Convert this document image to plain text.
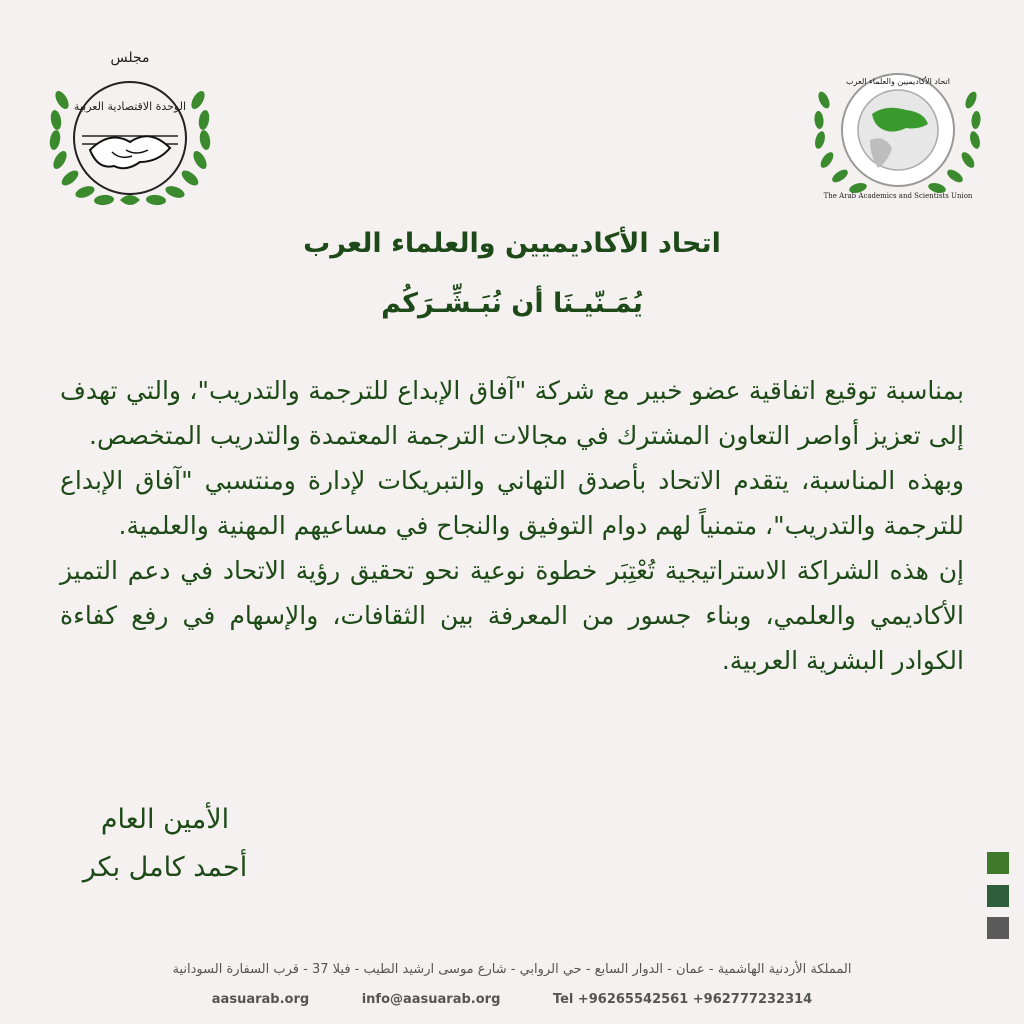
مجلس
الوحدة الاقتصادية العربية
اتحاد الأكاديميين والعلماء العرب
The Arab Academics and Scientists Union
اتحاد الأكاديميين والعلماء العرب
يُمَـنّيـنَا أن نُبَـشِّـرَكُم

بمناسبة توقيع اتفاقية عضو خبير مع شركة "آفاق الإبداع للترجمة والتدريب"، والتي تهدف إلى تعزيز أواصر التعاون المشترك في مجالات الترجمة المعتمدة والتدريب المتخصص.

وبهذه المناسبة، يتقدم الاتحاد بأصدق التهاني والتبريكات لإدارة ومنتسبي "آفاق الإبداع للترجمة والتدريب"، متمنياً لهم دوام التوفيق والنجاح في مساعيهم المهنية والعلمية.

إن هذه الشراكة الاستراتيجية تُعْتِبَر خطوة نوعية نحو تحقيق رؤية الاتحاد في دعم التميز الأكاديمي والعلمي، وبناء جسور من المعرفة بين الثقافات، والإسهام في رفع كفاءة الكوادر البشرية العربية.

الأمين العام
أحمد كامل بكر
المملكة الأردنية الهاشمية - عمان - الدوار السابع - حي الروابي - شارع موسى ارشيد الطيب - فيلا 37 - قرب السفارة السودانية
aasuarab.org	info@aasuarab.org	Tel +96265542561 +962777232314
